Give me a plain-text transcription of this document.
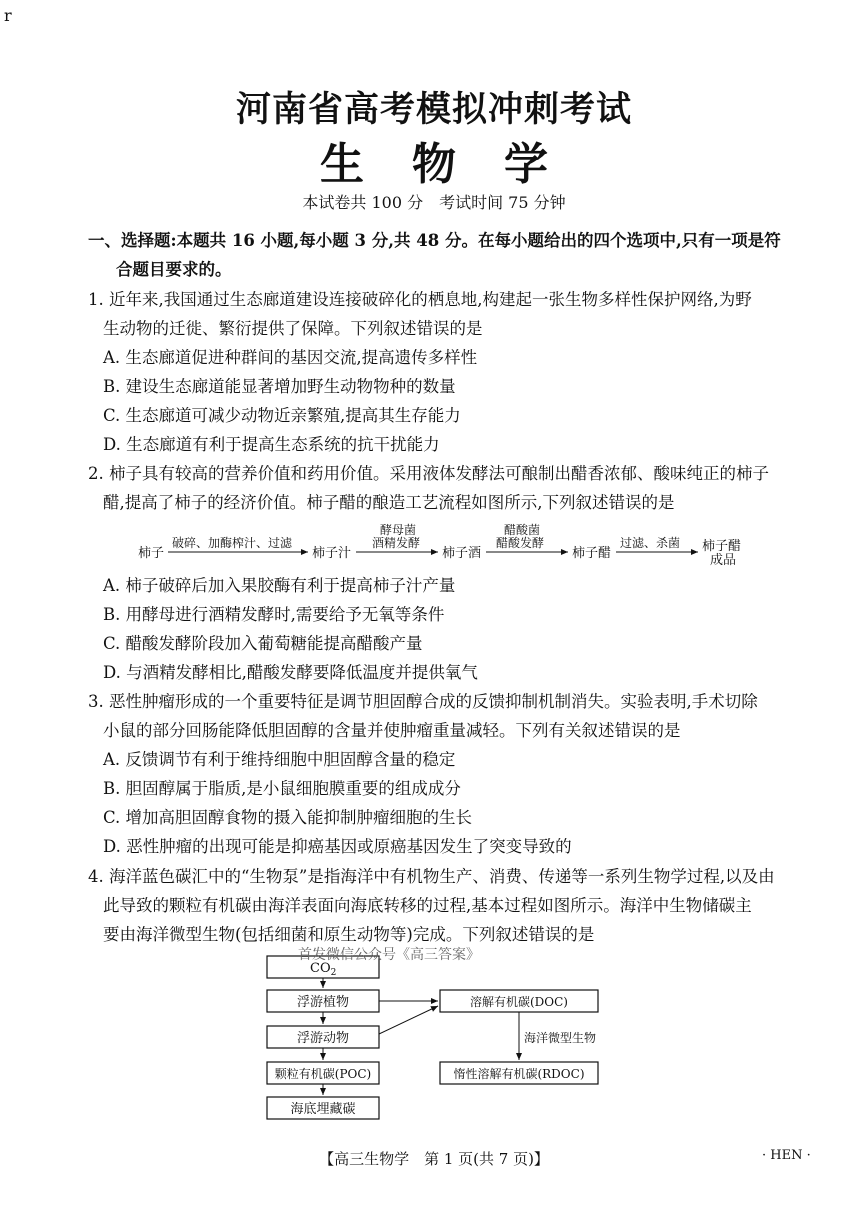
r
河南省高考模拟冲刺考试
生物学
本试卷共 100 分　考试时间 75 分钟
一、选择题:本题共 16 小题,每小题 3 分,共 48 分。在每小题给出的四个选项中,只有一项是符
合题目要求的。
1. 近年来,我国通过生态廊道建设连接破碎化的栖息地,构建起一张生物多样性保护网络,为野
生动物的迁徙、繁衍提供了保障。下列叙述错误的是
A. 生态廊道促进种群间的基因交流,提高遗传多样性
B. 建设生态廊道能显著增加野生动物物种的数量
C. 生态廊道可减少动物近亲繁殖,提高其生存能力
D. 生态廊道有利于提高生态系统的抗干扰能力
2. 柿子具有较高的营养价值和药用价值。采用液体发酵法可酿制出醋香浓郁、酸味纯正的柿子
醋,提高了柿子的经济价值。柿子醋的酿造工艺流程如图所示,下列叙述错误的是
柿子
破碎、加酶榨汁、过滤
柿子汁
酵母菌
酒精发酵
柿子酒
醋酸菌
醋酸发酵
柿子醋
过滤、杀菌 柿子醋
成品
$CO_2$
浮游植物
浮游动物
颗粒有机碳(POC)
海底埋藏碳
溶解有机碳(DOC)
惰性溶解有机碳(RDOC)
海洋微型生物
A. 柿子破碎后加入果胶酶有利于提高柿子汁产量
B. 用酵母进行酒精发酵时,需要给予无氧等条件
C. 醋酸发酵阶段加入葡萄糖能提高醋酸产量
D. 与酒精发酵相比,醋酸发酵要降低温度并提供氧气
3. 恶性肿瘤形成的一个重要特征是调节胆固醇合成的反馈抑制机制消失。实验表明,手术切除
小鼠的部分回肠能降低胆固醇的含量并使肿瘤重量减轻。下列有关叙述错误的是
A. 反馈调节有利于维持细胞中胆固醇含量的稳定
B. 胆固醇属于脂质,是小鼠细胞膜重要的组成成分
C. 增加高胆固醇食物的摄入能抑制肿瘤细胞的生长
D. 恶性肿瘤的出现可能是抑癌基因或原癌基因发生了突变导致的
4. 海洋蓝色碳汇中的“生物泵”是指海洋中有机物生产、消费、传递等一系列生物学过程,以及由
此导致的颗粒有机碳由海洋表面向海底转移的过程,基本过程如图所示。海洋中生物储碳主
要由海洋微型生物(包括细菌和原生动物等)完成。下列叙述错误的是
首发微信公众号《高三答案》
【高三生物学　第 1 页(共 7 页)】	· HEN ·
